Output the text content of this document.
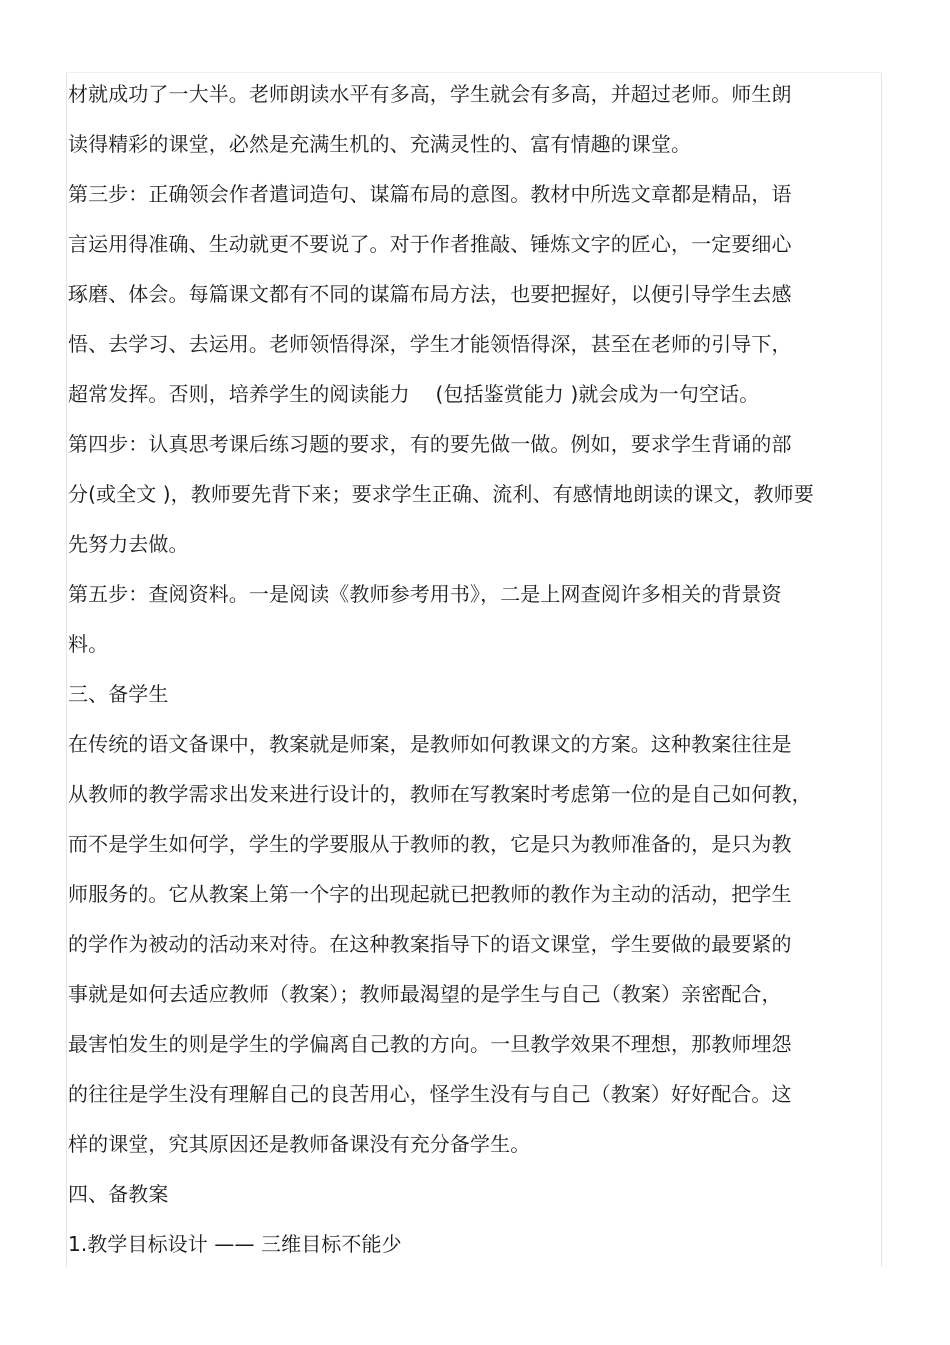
材就成功了一大半。老师朗读水平有多高，学生就会有多高，并超过老师。师生朗
读得精彩的课堂，必然是充满生机的、充满灵性的、富有情趣的课堂。
第三步：正确领会作者遣词造句、谋篇布局的意图。教材中所选文章都是精品，语
言运用得准确、生动就更不要说了。对于作者推敲、锤炼文字的匠心，一定要细心
琢磨、体会。每篇课文都有不同的谋篇布局方法，也要把握好，以便引导学生去感
悟、去学习、去运用。老师领悟得深，学生才能领悟得深，甚至在老师的引导下，
超常发挥。否则，培养学生的阅读能力    (包括鉴赏能力 )就会成为一句空话。
第四步：认真思考课后练习题的要求，有的要先做一做。例如，要求学生背诵的部
分(或全文 )，教师要先背下来；要求学生正确、流利、有感情地朗读的课文，教师要
先努力去做。
第五步：查阅资料。一是阅读《教师参考用书》，二是上网查阅许多相关的背景资
料。
三、备学生
在传统的语文备课中，教案就是师案，是教师如何教课文的方案。这种教案往往是
从教师的教学需求出发来进行设计的，教师在写教案时考虑第一位的是自己如何教，
而不是学生如何学，学生的学要服从于教师的教，它是只为教师准备的，是只为教
师服务的。它从教案上第一个字的出现起就已把教师的教作为主动的活动，把学生
的学作为被动的活动来对待。在这种教案指导下的语文课堂，学生要做的最要紧的
事就是如何去适应教师（教案）；教师最渴望的是学生与自己（教案）亲密配合，
最害怕发生的则是学生的学偏离自己教的方向。一旦教学效果不理想，那教师埋怨
的往往是学生没有理解自己的良苦用心，怪学生没有与自己（教案）好好配合。这
样的课堂，究其原因还是教师备课没有充分备学生。
四、备教案
1.教学目标设计 —— 三维目标不能少
